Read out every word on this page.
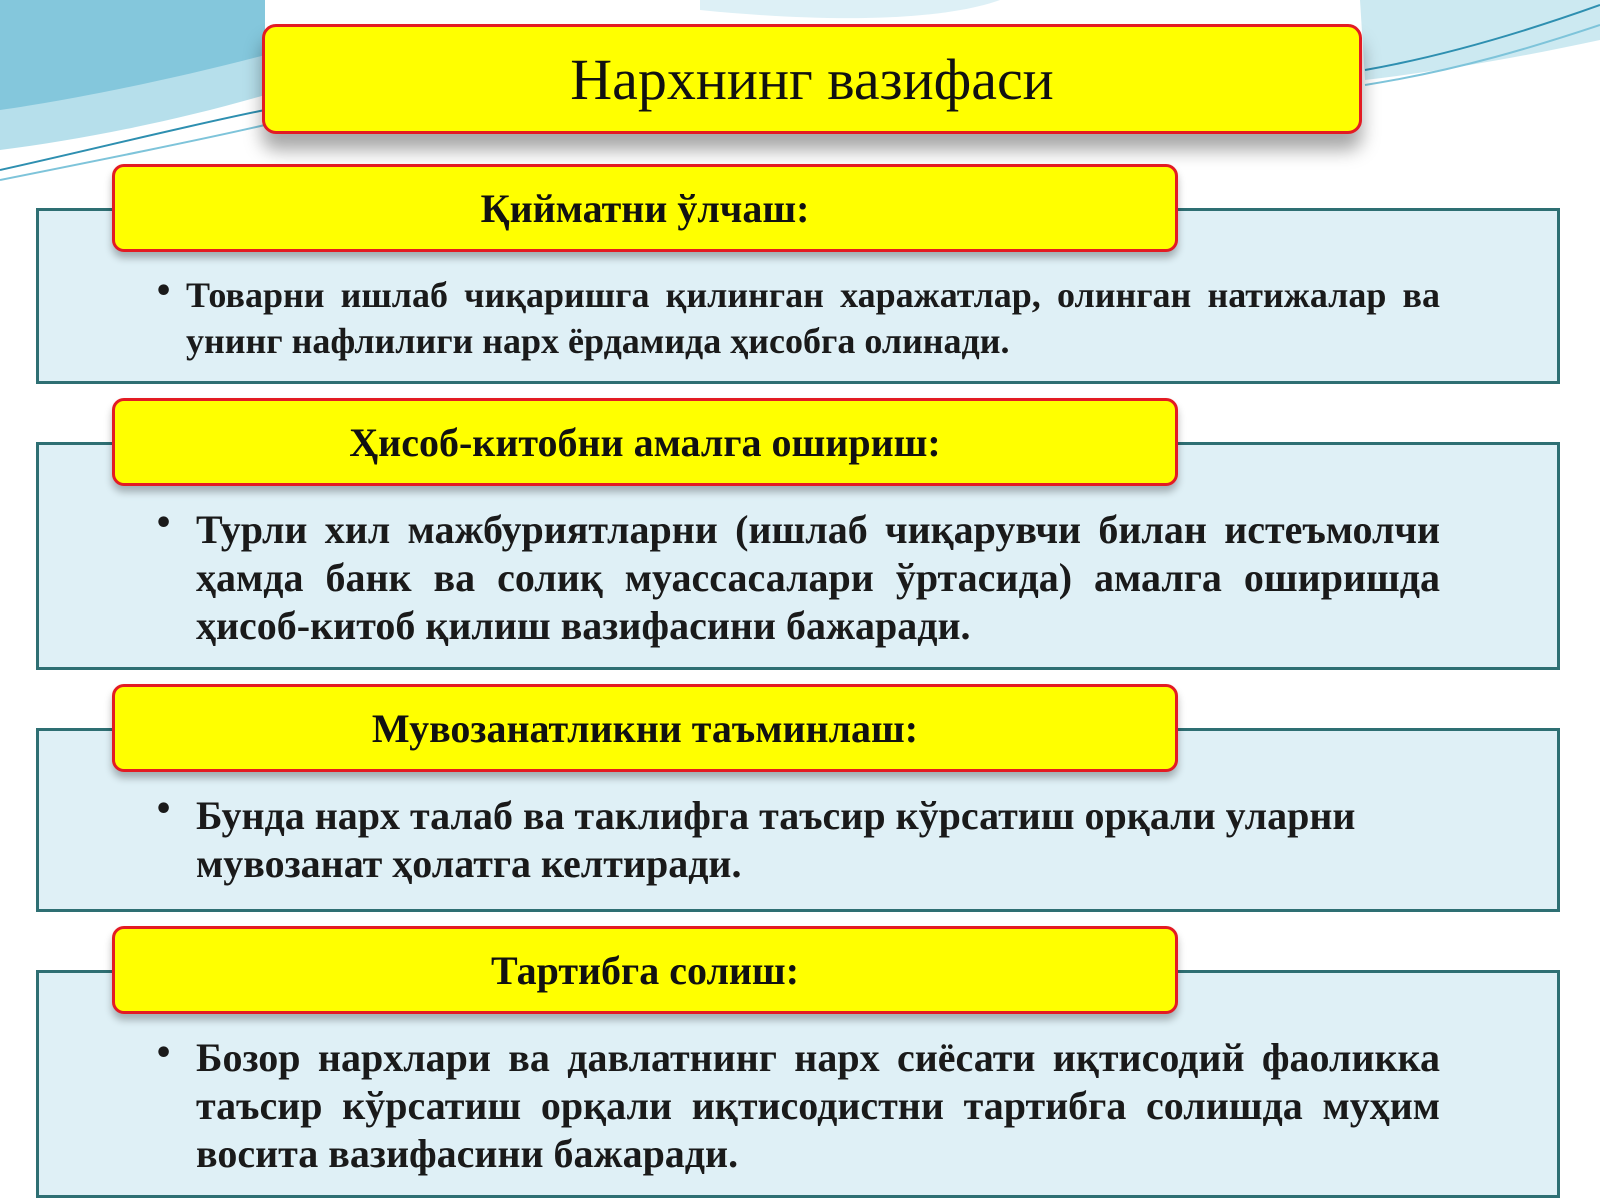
Нархнинг вазифаси
Қийматни ўлчаш:
• Товарни ишлаб чиқаришга қилинган харажатлар, олинган натижалар ва унинг нафлилиги нарх ёрдамида ҳисобга олинади.
Ҳисоб-китобни амалга ошириш:
• Турли хил мажбуриятларни (ишлаб чиқарувчи билан истеъмолчи ҳамда банк ва солиқ муассасалари ўртасида) амалга оширишда ҳисоб-китоб қилиш вазифасини бажаради.
Мувозанатликни таъминлаш:
• Бунда нарх талаб ва таклифга таъсир кўрсатиш орқали уларни мувозанат ҳолатга келтиради.
Тартибга солиш:
• Бозор нархлари ва давлатнинг нарх сиёсати иқтисодий фаоликка таъсир кўрсатиш орқали иқтисодистни тартибга солишда муҳим восита вазифасини бажаради.
